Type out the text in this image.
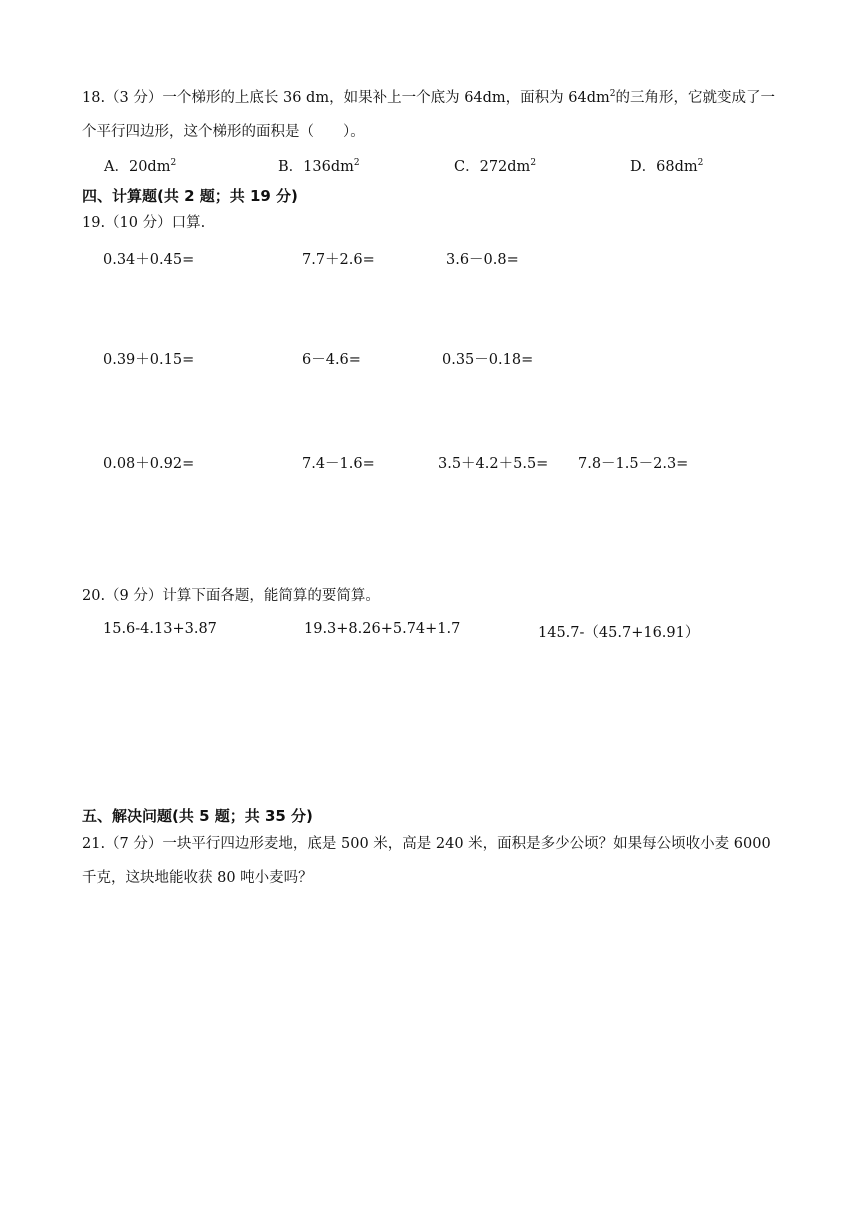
18.（3 分）一个梯形的上底长 36 dm，如果补上一个底为 64dm，面积为 $64dm^2$的三角形，它就变成了一
个平行四边形，这个梯形的面积是（　　）。
A．$20dm^2$	B．$136dm^2$	C．$272dm^2$	D．$68dm^2$
四、计算题(共 2 题；共 19 分)
19.（10 分）口算.
0.34＋0.45=	7.7＋2.6=	3.6－0.8=
0.39＋0.15=	6－4.6=	0.35－0.18=
0.08＋0.92=	7.4－1.6=	3.5＋4.2＋5.5= 7.8－1.5－2.3=
20.（9 分）计算下面各题，能简算的要简算。
15.6-4.13+3.87	19.3+8.26+5.74+1.7	145.7-（45.7+16.91）
五、解决问题(共 5 题；共 35 分)
21.（7 分）一块平行四边形麦地，底是 500 米，高是 240 米，面积是多少公顷？如果每公顷收小麦 6000
千克，这块地能收获 80 吨小麦吗？
